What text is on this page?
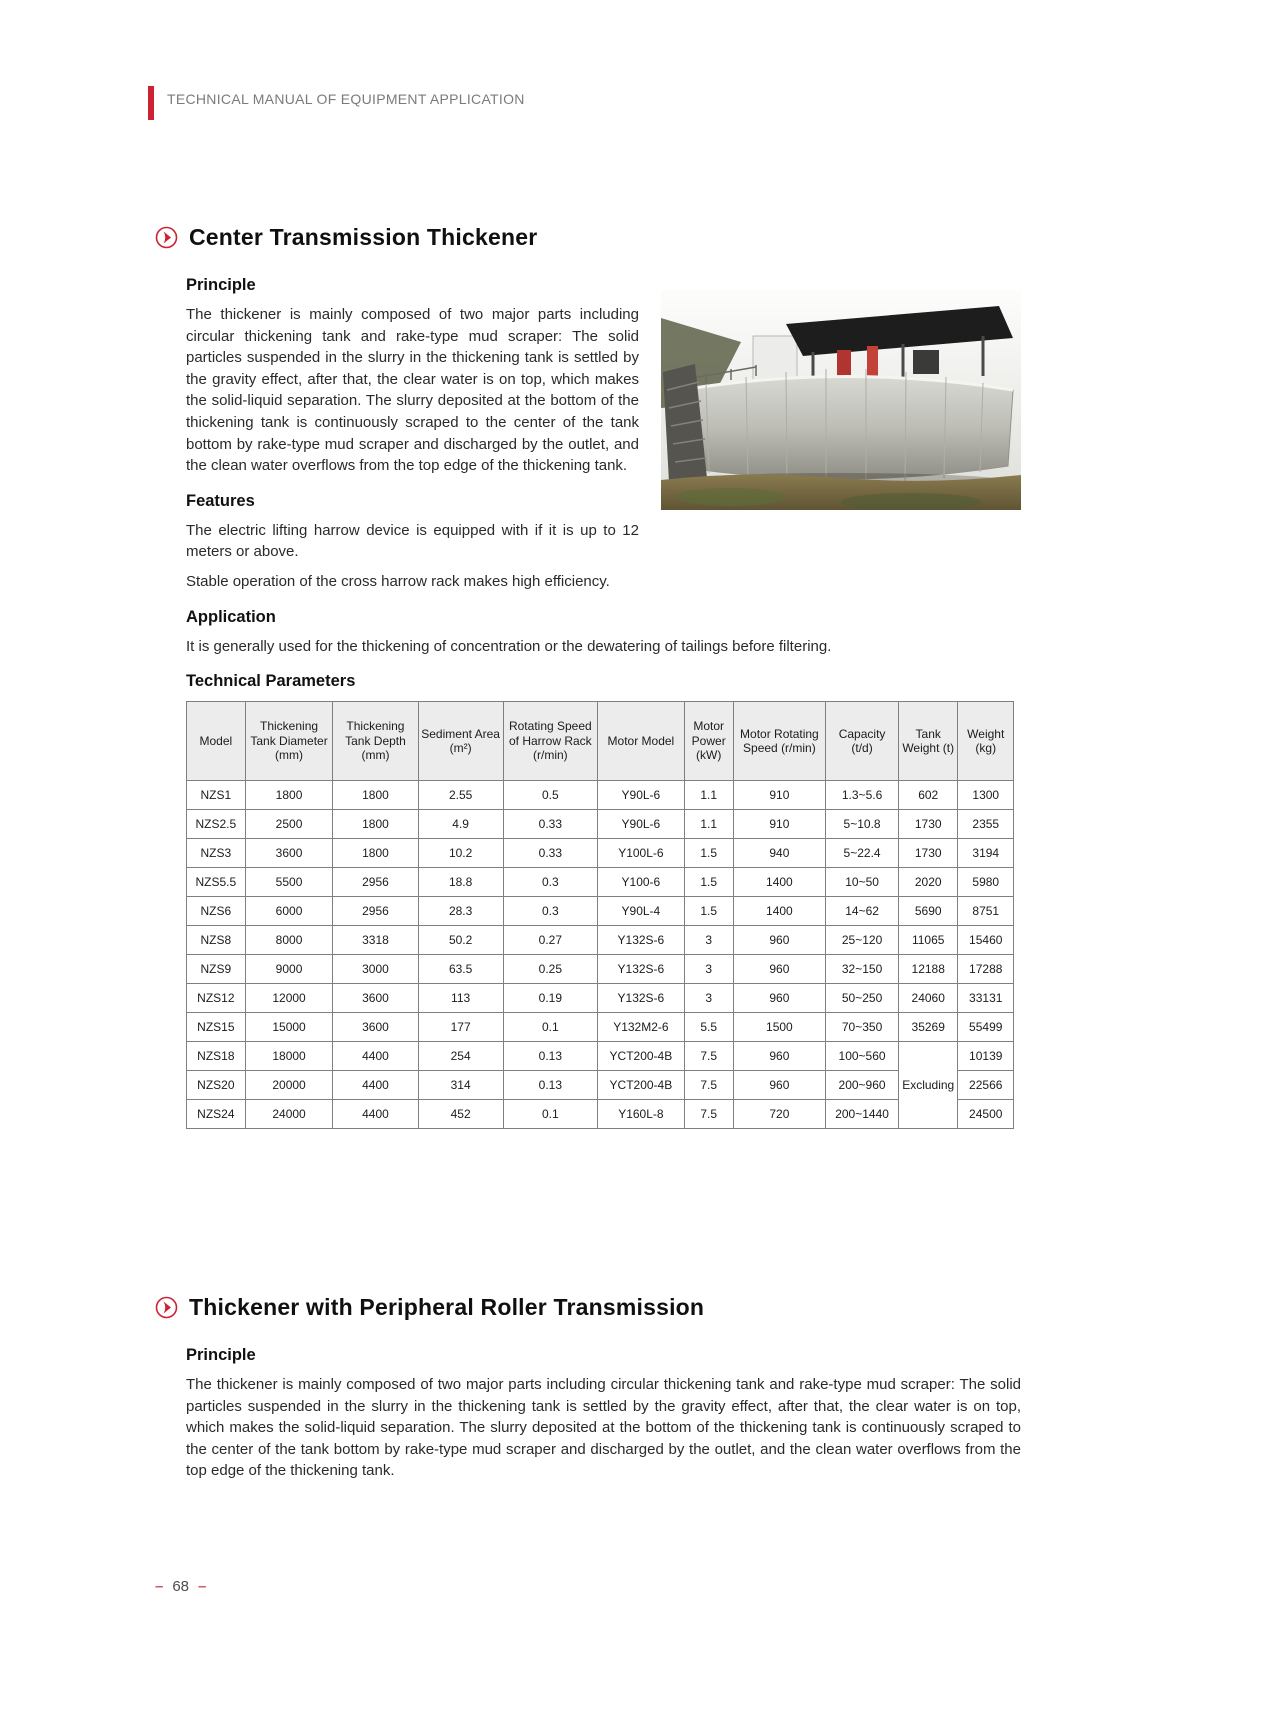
TECHNICAL MANUAL OF EQUIPMENT APPLICATION
Center Transmission Thickener
Principle

The thickener is mainly composed of two major parts including circular thickening tank and rake-type mud scraper: The solid particles suspended in the slurry in the thickening tank is settled by the gravity effect, after that, the clear water is on top, which makes the solid-liquid separation. The slurry deposited at the bottom of the thickening tank is continuously scraped to the center of the tank bottom by rake-type mud scraper and discharged by the outlet, and the clean water overflows from the top edge of the thickening tank.

Features

The electric lifting harrow device is equipped with if it is up to 12 meters or above.

Stable operation of the cross harrow rack makes high efficiency.

Application

It is generally used for the thickening of concentration or the dewatering of tailings before filtering.

Technical Parameters
Model	Thickening Tank Diameter (mm)	Thickening Tank Depth (mm)	Sediment Area (m²)	Rotating Speed of Harrow Rack (r/min)	Motor Model	Motor Power (kW)	Motor Rotating Speed (r/min)	Capacity (t/d)	Tank Weight (t)	Weight (kg)
NZS1	1800	1800	2.55	0.5	Y90L-6	1.1	910	1.3~5.6	602	1300
NZS2.5	2500	1800	4.9	0.33	Y90L-6	1.1	910	5~10.8	1730	2355
NZS3	3600	1800	10.2	0.33	Y100L-6	1.5	940	5~22.4	1730	3194
NZS5.5	5500	2956	18.8	0.3	Y100-6	1.5	1400	10~50	2020	5980
NZS6	6000	2956	28.3	0.3	Y90L-4	1.5	1400	14~62	5690	8751
NZS8	8000	3318	50.2	0.27	Y132S-6	3	960	25~120	11065	15460
NZS9	9000	3000	63.5	0.25	Y132S-6	3	960	32~150	12188	17288
NZS12	12000	3600	113	0.19	Y132S-6	3	960	50~250	24060	33131
NZS15	15000	3600	177	0.1	Y132M2-6	5.5	1500	70~350	35269	55499
NZS18	18000	4400	254	0.13	YCT200-4B	7.5	960	100~560	Excluding	10139
NZS20	20000	4400	314	0.13	YCT200-4B	7.5	960	200~960		22566
NZS24	24000	4400	452	0.1	Y160L-8	7.5	720	200~1440		24500
Thickener with Peripheral Roller Transmission
Principle

The thickener is mainly composed of two major parts including circular thickening tank and rake-type mud scraper: The solid particles suspended in the slurry in the thickening tank is settled by the gravity effect, after that, the clear water is on top, which makes the solid-liquid separation. The slurry deposited at the bottom of the thickening tank is continuously scraped to the center of the tank bottom by rake-type mud scraper and discharged by the outlet, and the clean water overflows from the top edge of the thickening tank.

– 68 –
